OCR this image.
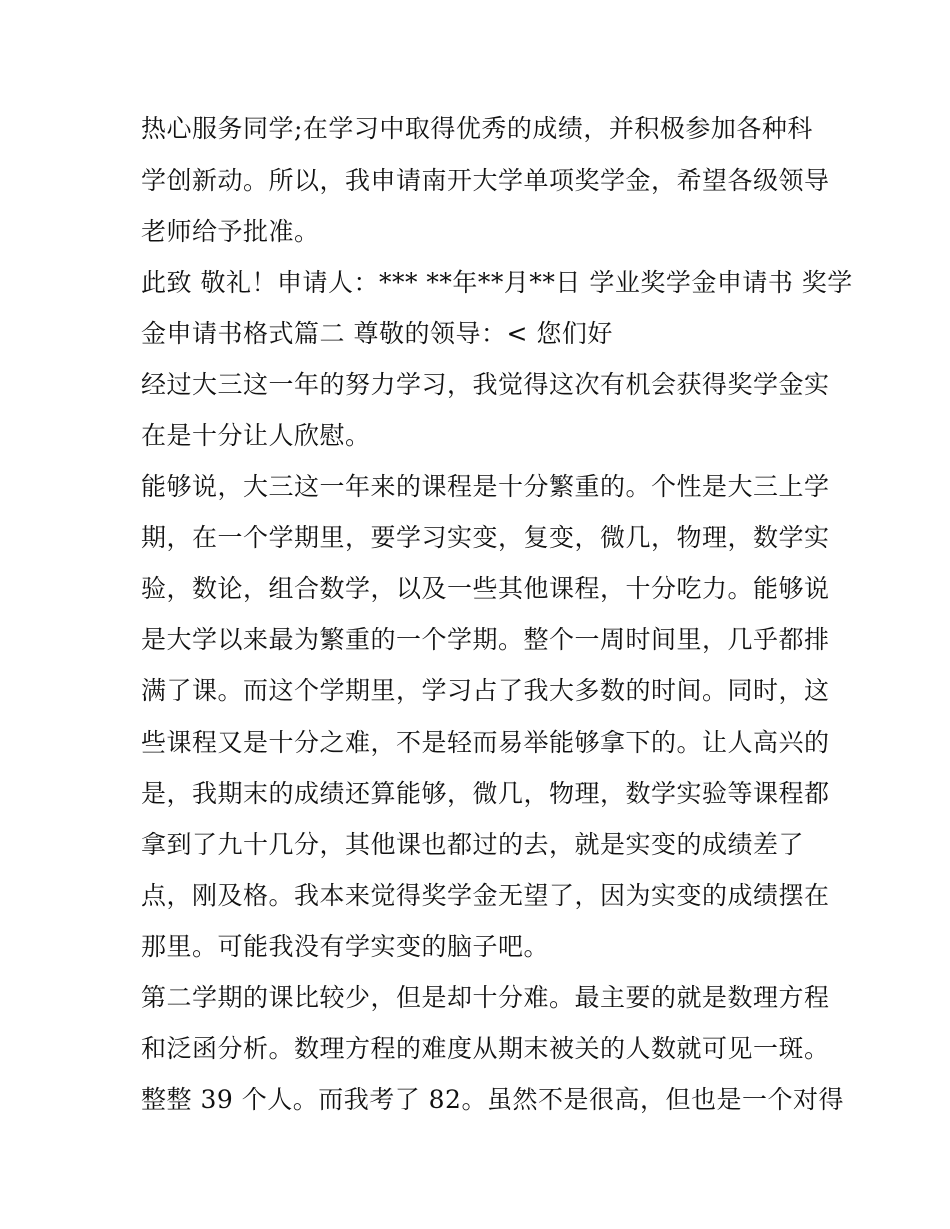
热心服务同学;在学习中取得优秀的成绩，并积极参加各种科
学创新动。所以，我申请南开大学单项奖学金，希望各级领导
老师给予批准。
此致 敬礼！申请人：*** **年**月**日 学业奖学金申请书 奖学
金申请书格式篇二 尊敬的领导：< 您们好
经过大三这一年的努力学习，我觉得这次有机会获得奖学金实
在是十分让人欣慰。
能够说，大三这一年来的课程是十分繁重的。个性是大三上学
期，在一个学期里，要学习实变，复变，微几，物理，数学实
验，数论，组合数学，以及一些其他课程，十分吃力。能够说
是大学以来最为繁重的一个学期。整个一周时间里，几乎都排
满了课。而这个学期里，学习占了我大多数的时间。同时，这
些课程又是十分之难，不是轻而易举能够拿下的。让人高兴的
是，我期末的成绩还算能够，微几，物理，数学实验等课程都
拿到了九十几分，其他课也都过的去，就是实变的成绩差了
点，刚及格。我本来觉得奖学金无望了，因为实变的成绩摆在
那里。可能我没有学实变的脑子吧。
第二学期的课比较少，但是却十分难。最主要的就是数理方程
和泛函分析。数理方程的难度从期末被关的人数就可见一斑。
整整 39 个人。而我考了 82。虽然不是很高，但也是一个对得
